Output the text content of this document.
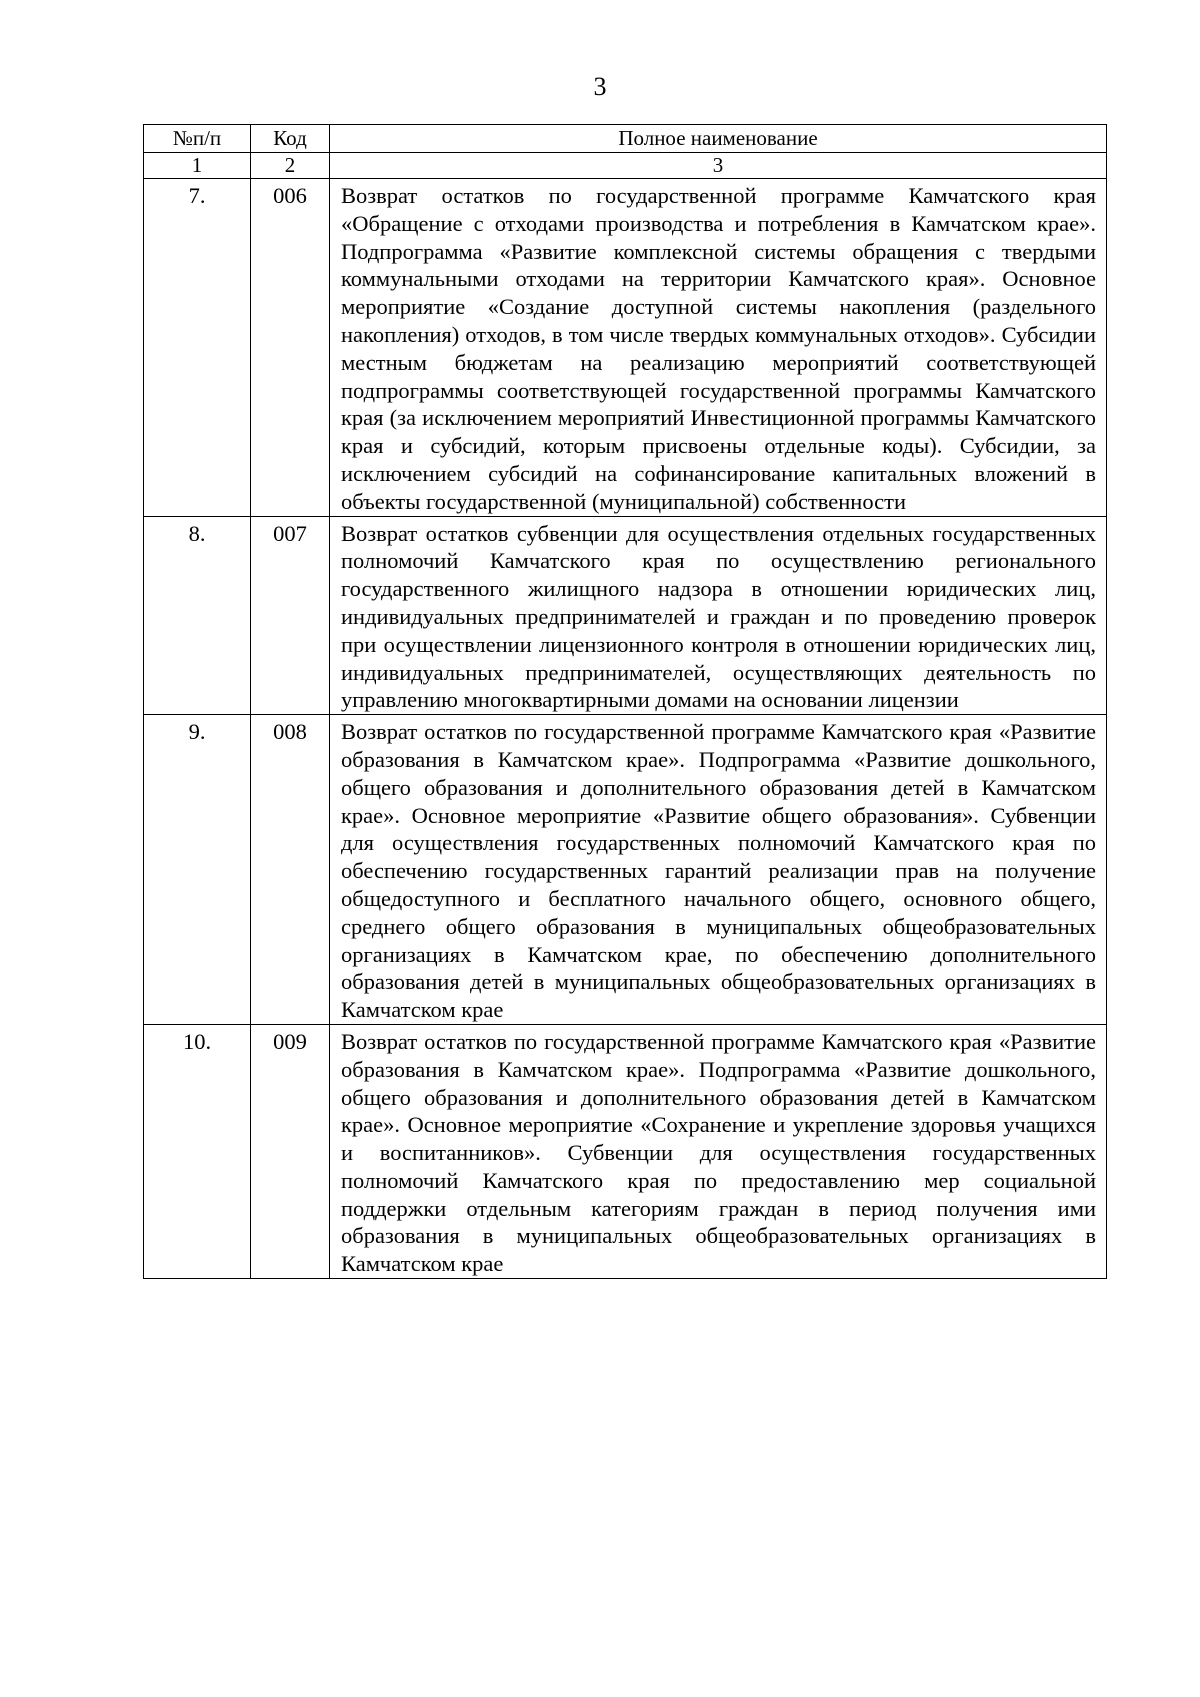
3
№п/п	Код	Полное наименование
1	2	3
7.	006	Возврат остатков по государственной программе Камчатского края «Обращение с отходами производства и потребления в Камчатском крае». Подпрограмма «Развитие комплексной системы обращения с твердыми коммунальными отходами на территории Камчатского края». Основное мероприятие «Создание доступной системы накопления (раздельного накопления) отходов, в том числе твердых коммунальных отходов». Субсидии местным бюджетам на реализацию мероприятий соответствующей подпрограммы соответствующей государственной программы Камчатского края (за исключением мероприятий Инвестиционной программы Камчатского края и субсидий, которым присвоены отдельные коды). Субсидии, за исключением субсидий на софинансирование капитальных вложений в объекты государственной (муниципальной) собственности
8.	007	Возврат остатков субвенции для осуществления отдельных государственных полномочий Камчатского края по осуществлению регионального государственного жилищного надзора в отношении юридических лиц, индивидуальных предпринимателей и граждан и по проведению проверок при осуществлении лицензионного контроля в отношении юридических лиц, индивидуальных предпринимателей, осуществляющих деятельность по управлению многоквартирными домами на основании лицензии
9.	008	Возврат остатков по государственной программе Камчатского края «Развитие образования в Камчатском крае». Подпрограмма «Развитие дошкольного, общего образования и дополнительного образования детей в Камчатском крае». Основное мероприятие «Развитие общего образования». Субвенции для осуществления государственных полномочий Камчатского края по обеспечению государственных гарантий реализации прав на получение общедоступного и бесплатного начального общего, основного общего, среднего общего образования в муниципальных общеобразовательных организациях в Камчатском крае, по обеспечению дополнительного образования детей в муниципальных общеобразовательных организациях в Камчатском крае
10.	009	Возврат остатков по государственной программе Камчатского края «Развитие образования в Камчатском крае». Подпрограмма «Развитие дошкольного, общего образования и дополнительного образования детей в Камчатском крае». Основное мероприятие «Сохранение и укрепление здоровья учащихся и воспитанников». Субвенции для осуществления государственных полномочий Камчатского края по предоставлению мер социальной поддержки отдельным категориям граждан в период получения ими образования в муниципальных общеобразовательных организациях в Камчатском крае
